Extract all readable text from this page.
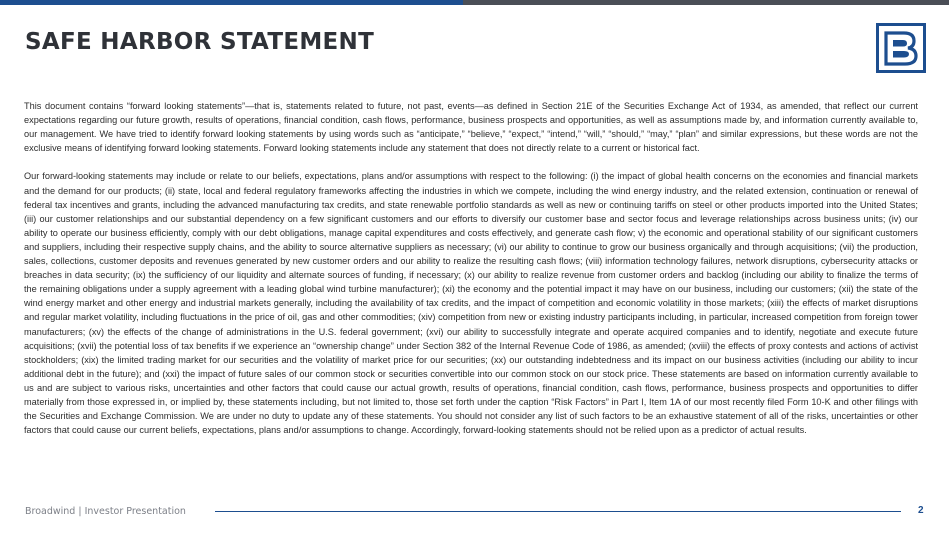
SAFE HARBOR STATEMENT

This document contains “forward looking statements”—that is, statements related to future, not past, events—as defined in Section 21E of the Securities Exchange Act of 1934, as amended, that reflect our current expectations regarding our future growth, results of operations, financial condition, cash flows, performance, business prospects and opportunities, as well as assumptions made by, and information currently available to, our management. We have tried to identify forward looking statements by using words such as “anticipate,” “believe,” “expect,” “intend,” “will,” “should,” “may,” “plan” and similar expressions, but these words are not the exclusive means of identifying forward looking statements. Forward looking statements include any statement that does not directly relate to a current or historical fact.

Our forward-looking statements may include or relate to our beliefs, expectations, plans and/or assumptions with respect to the following: (i) the impact of global health concerns on the economies and financial markets and the demand for our products; (ii) state, local and federal regulatory frameworks affecting the industries in which we compete, including the wind energy industry, and the related extension, continuation or renewal of federal tax incentives and grants, including the advanced manufacturing tax credits, and state renewable portfolio standards as well as new or continuing tariffs on steel or other products imported into the United States; (iii) our customer relationships and our substantial dependency on a few significant customers and our efforts to diversify our customer base and sector focus and leverage relationships across business units; (iv) our ability to operate our business efficiently, comply with our debt obligations, manage capital expenditures and costs effectively, and generate cash flow; v) the economic and operational stability of our significant customers and suppliers, including their respective supply chains, and the ability to source alternative suppliers as necessary; (vi) our ability to continue to grow our business organically and through acquisitions; (vii) the production, sales, collections, customer deposits and revenues generated by new customer orders and our ability to realize the resulting cash flows; (viii) information technology failures, network disruptions, cybersecurity attacks or breaches in data security; (ix) the sufficiency of our liquidity and alternate sources of funding, if necessary; (x) our ability to realize revenue from customer orders and backlog (including our ability to finalize the terms of the remaining obligations under a supply agreement with a leading global wind turbine manufacturer); (xi) the economy and the potential impact it may have on our business, including our customers; (xii) the state of the wind energy market and other energy and industrial markets generally, including the availability of tax credits, and the impact of competition and economic volatility in those markets; (xiii) the effects of market disruptions and regular market volatility, including fluctuations in the price of oil, gas and other commodities; (xiv) competition from new or existing industry participants including, in particular, increased competition from foreign tower manufacturers; (xv) the effects of the change of administrations in the U.S. federal government; (xvi) our ability to successfully integrate and operate acquired companies and to identify, negotiate and execute future acquisitions; (xvii) the potential loss of tax benefits if we experience an “ownership change” under Section 382 of the Internal Revenue Code of 1986, as amended; (xviii) the effects of proxy contests and actions of activist stockholders; (xix) the limited trading market for our securities and the volatility of market price for our securities; (xx) our outstanding indebtedness and its impact on our business activities (including our ability to incur additional debt in the future); and (xxi) the impact of future sales of our common stock or securities convertible into our common stock on our stock price. These statements are based on information currently available to us and are subject to various risks, uncertainties and other factors that could cause our actual growth, results of operations, financial condition, cash flows, performance, business prospects and opportunities to differ materially from those expressed in, or implied by, these statements including, but not limited to, those set forth under the caption “Risk Factors” in Part I, Item 1A of our most recently filed Form 10-K and other filings with the Securities and Exchange Commission. We are under no duty to update any of these statements. You should not consider any list of such factors to be an exhaustive statement of all of the risks, uncertainties or other factors that could cause our current beliefs, expectations, plans and/or assumptions to change. Accordingly, forward-looking statements should not be relied upon as a predictor of actual results.

Broadwind | Investor Presentation	2
